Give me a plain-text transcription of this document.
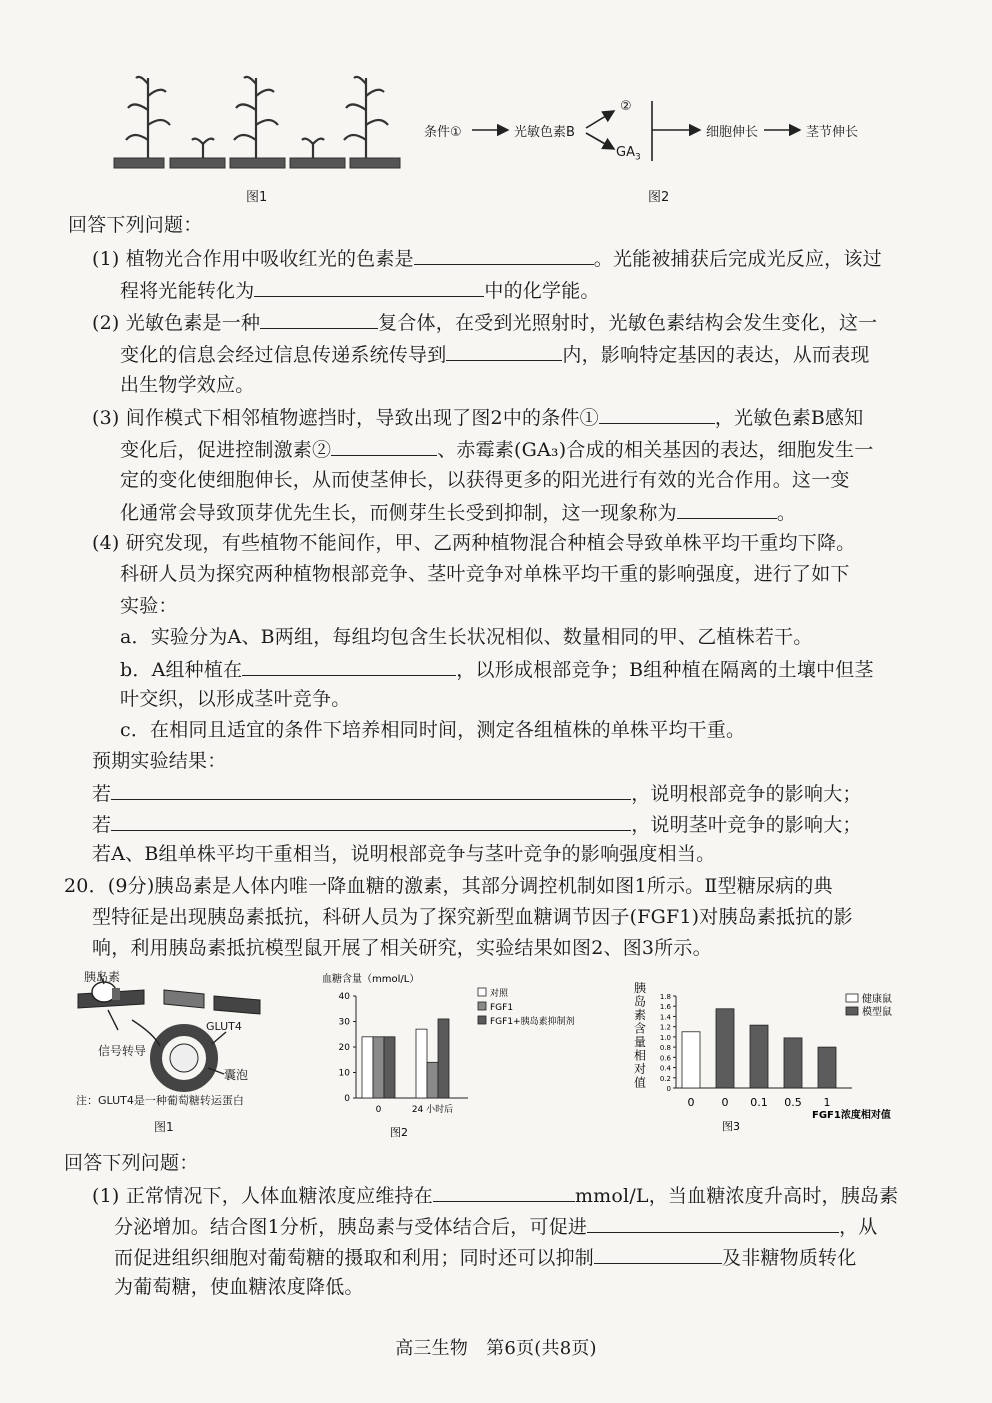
图1
条件①	光敏色素B
②
$GA_3$
细胞伸长	茎节伸长
图2
回答下列问题：
(1) 植物光合作用中吸收红光的色素是	。光能被捕获后完成光反应，该过
程将光能转化为	中的化学能。
(2) 光敏色素是一种	复合体，在受到光照射时，光敏色素结构会发生变化，这一
变化的信息会经过信息传递系统传导到	内，影响特定基因的表达，从而表现
出生物学效应。
(3) 间作模式下相邻植物遮挡时，导致出现了图2中的条件①	，光敏色素B感知
变化后，促进控制激素②	、赤霉素(GA₃)合成的相关基因的表达，细胞发生一
定的变化使细胞伸长，从而使茎伸长，以获得更多的阳光进行有效的光合作用。这一变
化通常会导致顶芽优先生长，而侧芽生长受到抑制，这一现象称为	。
(4) 研究发现，有些植物不能间作，甲、乙两种植物混合种植会导致单株平均干重均下降。
科研人员为探究两种植物根部竞争、茎叶竞争对单株平均干重的影响强度，进行了如下
实验：
a．实验分为A、B两组，每组均包含生长状况相似、数量相同的甲、乙植株若干。
b．A组种植在	，以形成根部竞争；B组种植在隔离的土壤中但茎
叶交织，以形成茎叶竞争。
c．在相同且适宜的条件下培养相同时间，测定各组植株的单株平均干重。
预期实验结果：
若	，说明根部竞争的影响大；
若	，说明茎叶竞争的影响大；
若A、B组单株平均干重相当，说明根部竞争与茎叶竞争的影响强度相当。
20．(9分)胰岛素是人体内唯一降血糖的激素，其部分调控机制如图1所示。Ⅱ型糖尿病的典
型特征是出现胰岛素抵抗，科研人员为了探究新型血糖调节因子(FGF1)对胰岛素抵抗的影
响，利用胰岛素抵抗模型鼠开展了相关研究，实验结果如图2、图3所示。
胰岛素
GLUT4
信号转导
囊泡
注：GLUT4是一种葡萄糖转运蛋白
图1
血糖含量（mmol/L）
0
10
20
30
40
0	24 小时后
对照
FGF1
FGF1+胰岛素抑制剂
图2
胰
岛
素
含
量
相
对
值	0
0.2
0.4
0.6
0.8
1.0
1.2
1.4
1.6
1.8
0 0 0.1 0.5 1
健康鼠
模型鼠
FGF1浓度相对值
图3
回答下列问题：
(1) 正常情况下，人体血糖浓度应维持在	mmol/L，当血糖浓度升高时，胰岛素
分泌增加。结合图1分析，胰岛素与受体结合后，可促进	，从
而促进组织细胞对葡萄糖的摄取和利用；同时还可以抑制	及非糖物质转化
为葡萄糖，使血糖浓度降低。
高三生物　第6页(共8页)
